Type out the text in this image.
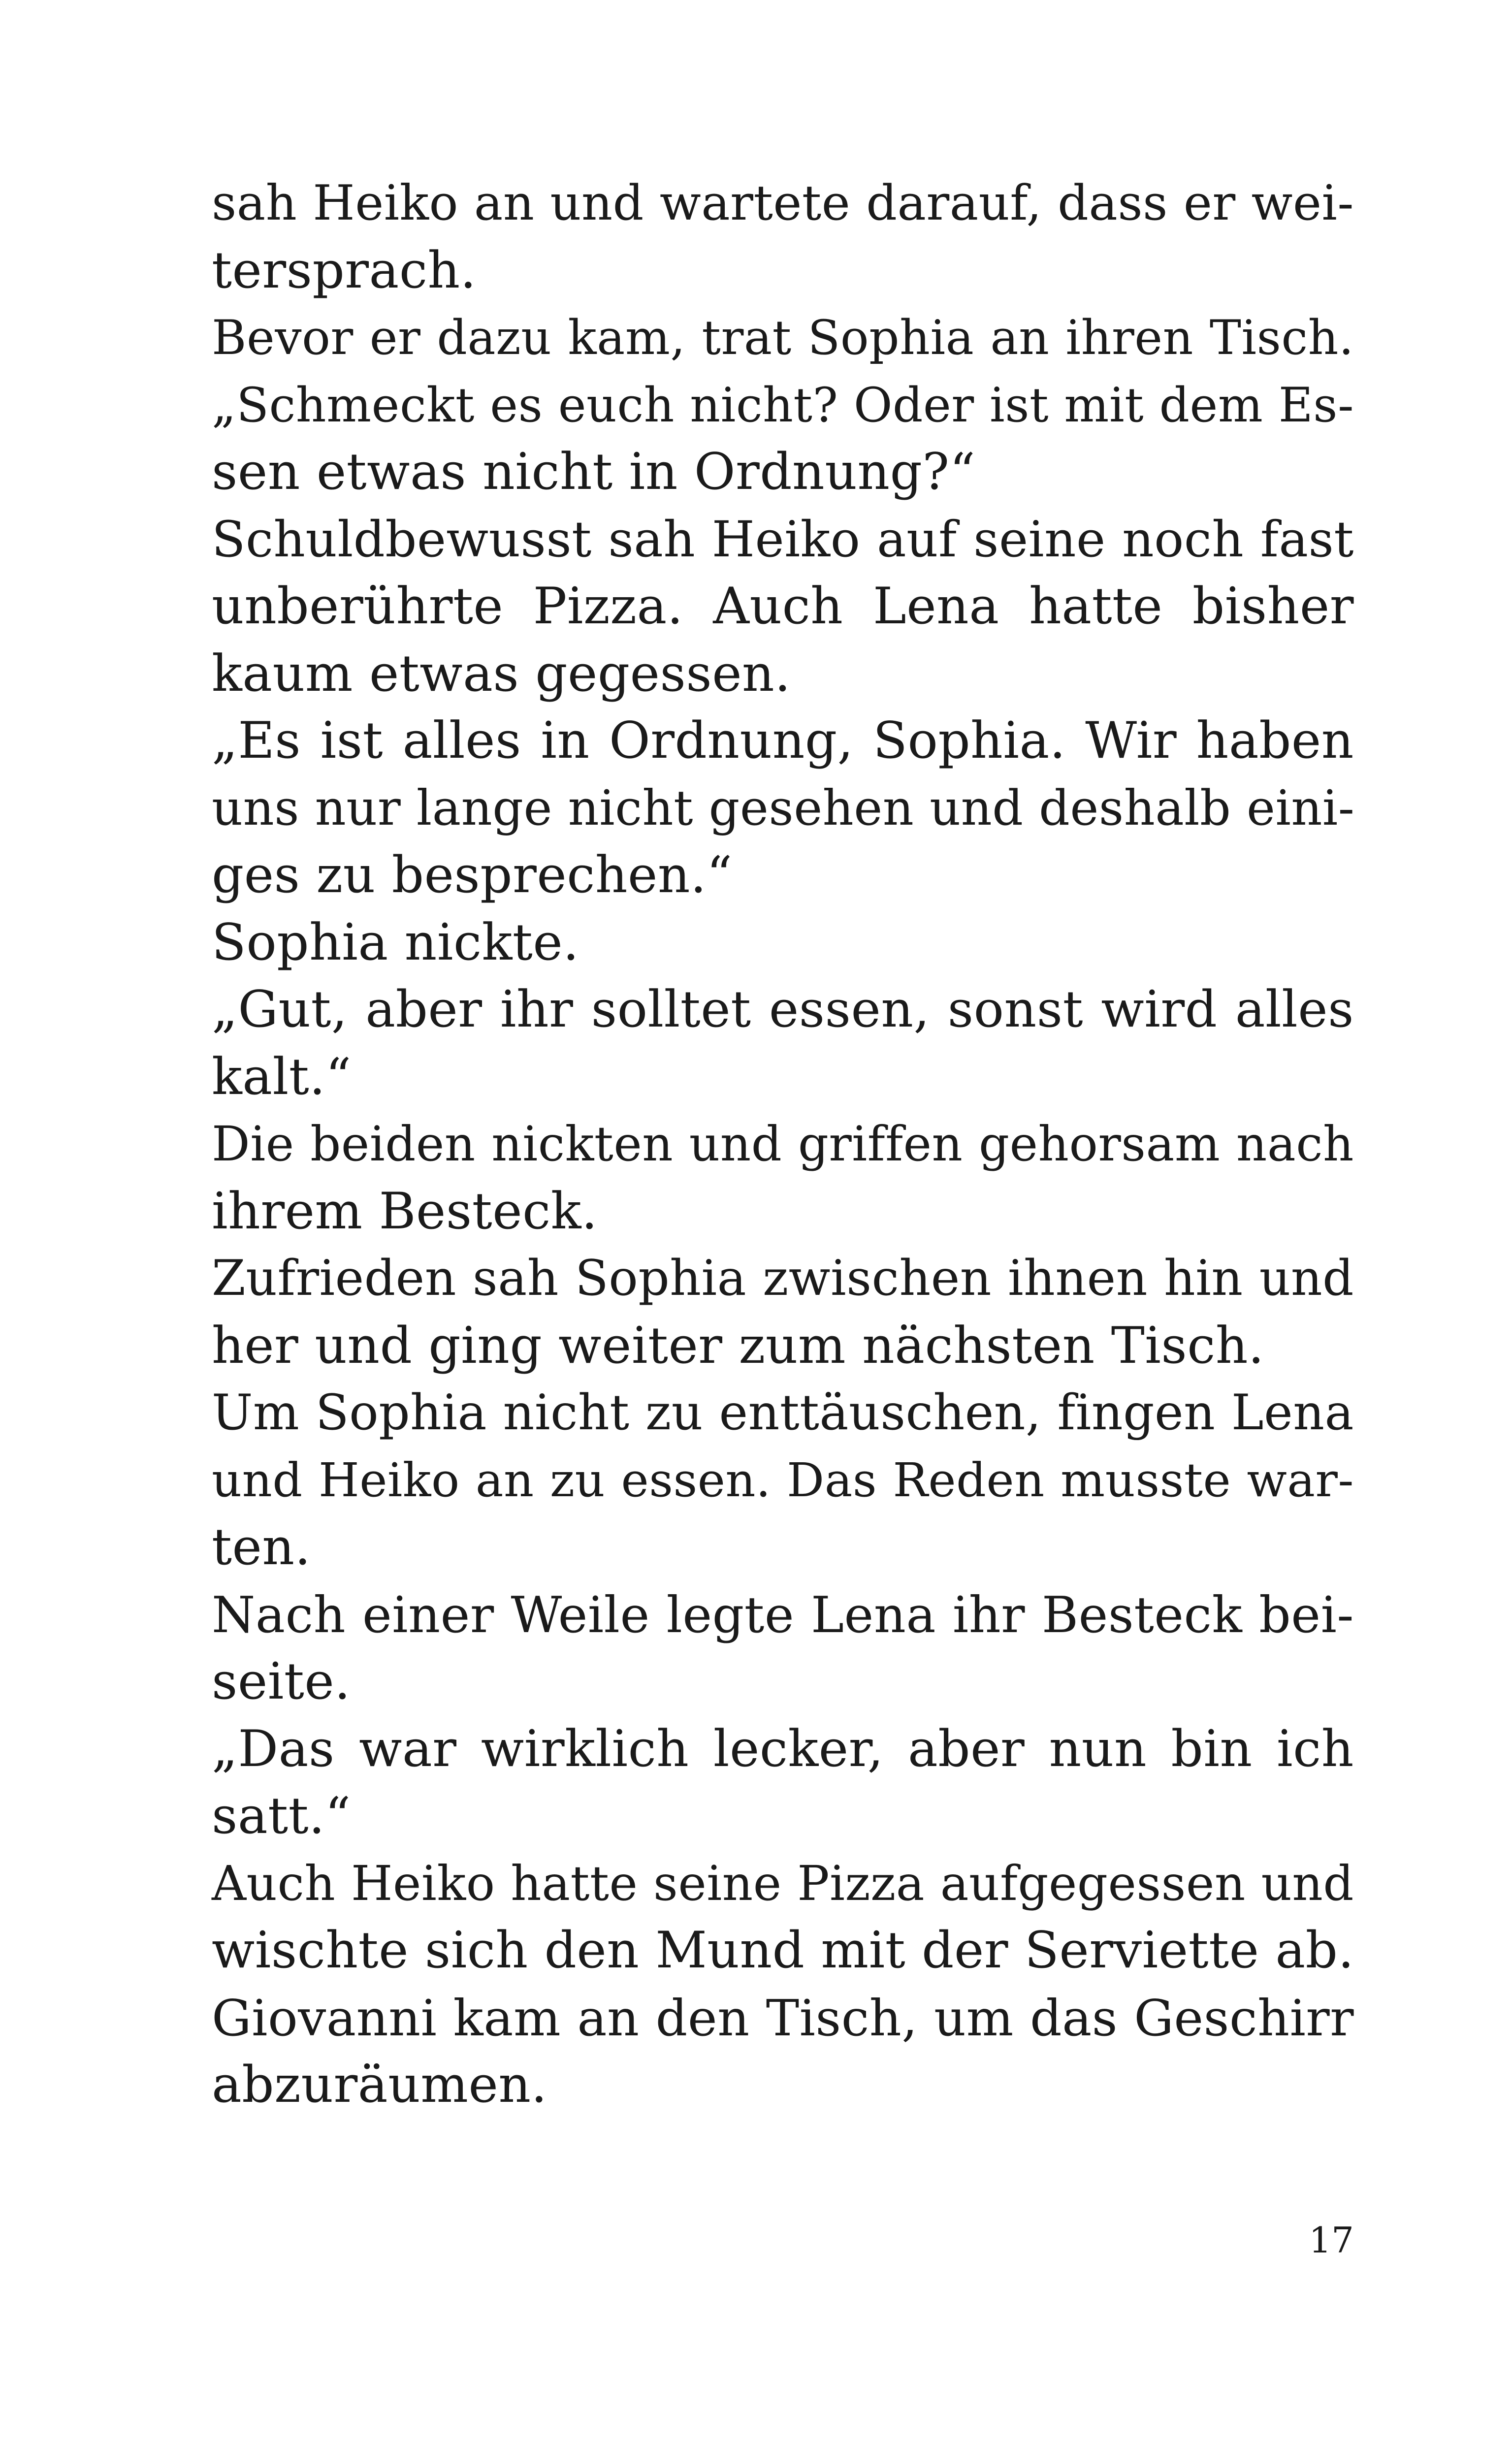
sah Heiko an und wartete darauf, dass er wei-
tersprach.
Bevor er dazu kam, trat Sophia an ihren Tisch.
„Schmeckt es euch nicht? Oder ist mit dem Es-
sen etwas nicht in Ordnung?“
Schuldbewusst sah Heiko auf seine noch fast
unberührte Pizza. Auch Lena hatte bisher
kaum etwas gegessen.
„Es ist alles in Ordnung, Sophia. Wir haben
uns nur lange nicht gesehen und deshalb eini-
ges zu besprechen.“
Sophia nickte.
„Gut, aber ihr solltet essen, sonst wird alles
kalt.“
Die beiden nickten und griffen gehorsam nach
ihrem Besteck.
Zufrieden sah Sophia zwischen ihnen hin und
her und ging weiter zum nächsten Tisch.
Um Sophia nicht zu enttäuschen, fingen Lena
und Heiko an zu essen. Das Reden musste war-
ten.
Nach einer Weile legte Lena ihr Besteck bei-
seite.
„Das war wirklich lecker, aber nun bin ich
satt.“
Auch Heiko hatte seine Pizza aufgegessen und
wischte sich den Mund mit der Serviette ab.
Giovanni kam an den Tisch, um das Geschirr
abzuräumen.
17
